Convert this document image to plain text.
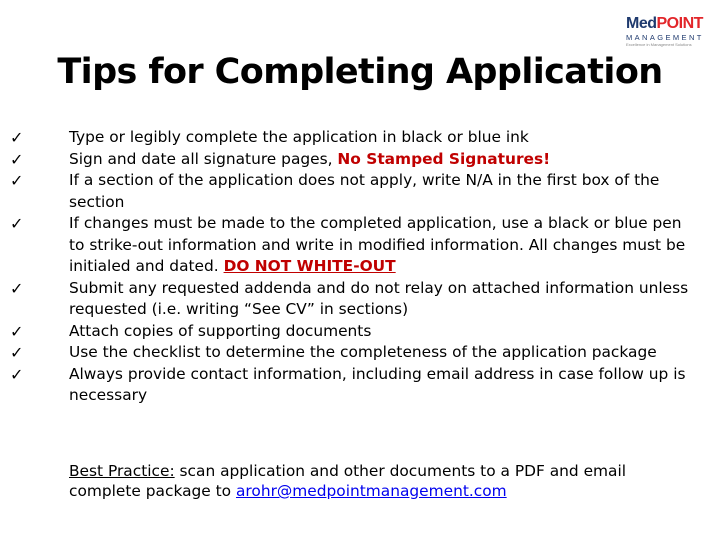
MedPOINT
MANAGEMENT
Excellence in Management Solutions
Tips for Completing Application
✓	Type or legibly complete the application in black or blue ink
✓	Sign and date all signature pages, No Stamped Signatures!
✓	If a section of the application does not apply, write N/A in the first box of the section
✓	If changes must be made to the completed application, use a black or blue pen to strike-out information and write in modified information. All changes must be initialed and dated. DO NOT WHITE-OUT
✓	Submit any requested addenda and do not relay on attached information unless requested (i.e. writing “See CV” in sections)
✓	Attach copies of supporting documents
✓	Use the checklist to determine the completeness of the application package
✓	Always provide contact information, including email address in case follow up is necessary
Best Practice: scan application and other documents to a PDF and email complete package to arohr@medpointmanagement.com
